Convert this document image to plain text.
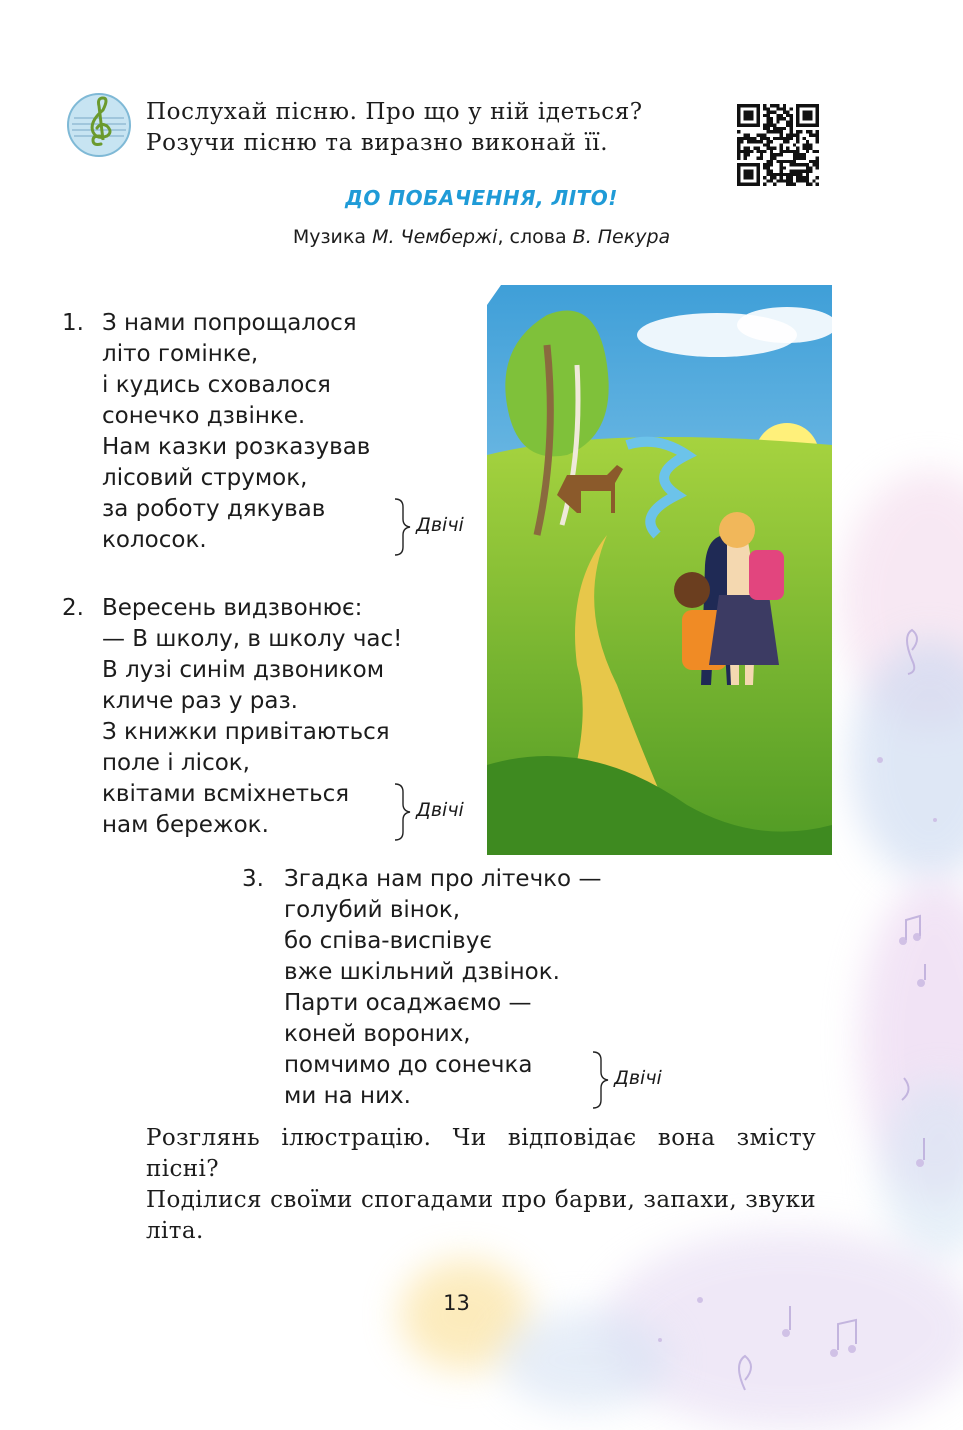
Послухай пісню. Про що у ній ідеться?
Розучи пісню та виразно виконай її.
ДО ПОБАЧЕННЯ, ЛІТО!
Музика М. Чембержі, слова В. Пекура
1. З нами попрощалося
літо гомінке,
і кудись сховалося
сонечко дзвінке.
Нам казки розказував
лісовий струмок,
за роботу дякував
колосок.
Двічі
2. Вересень видзвонює:
— В школу, в школу час!
В лузі синім дзвоником
кличе раз у раз.
З книжки привітаються
поле і лісок,
квітами всміхнеться
нам бережок.
Двічі
3. Згадка нам про літечко —
голубий вінок,
бо співа-виспівує
вже шкільний дзвінок.
Парти осаджаємо —
коней вороних,
помчимо до сонечка
ми на них.
Двічі

Розглянь ілюстрацію. Чи відповідає вона змісту пісні?

Поділися своїми спогадами про барви, запахи, звуки літа.

13
